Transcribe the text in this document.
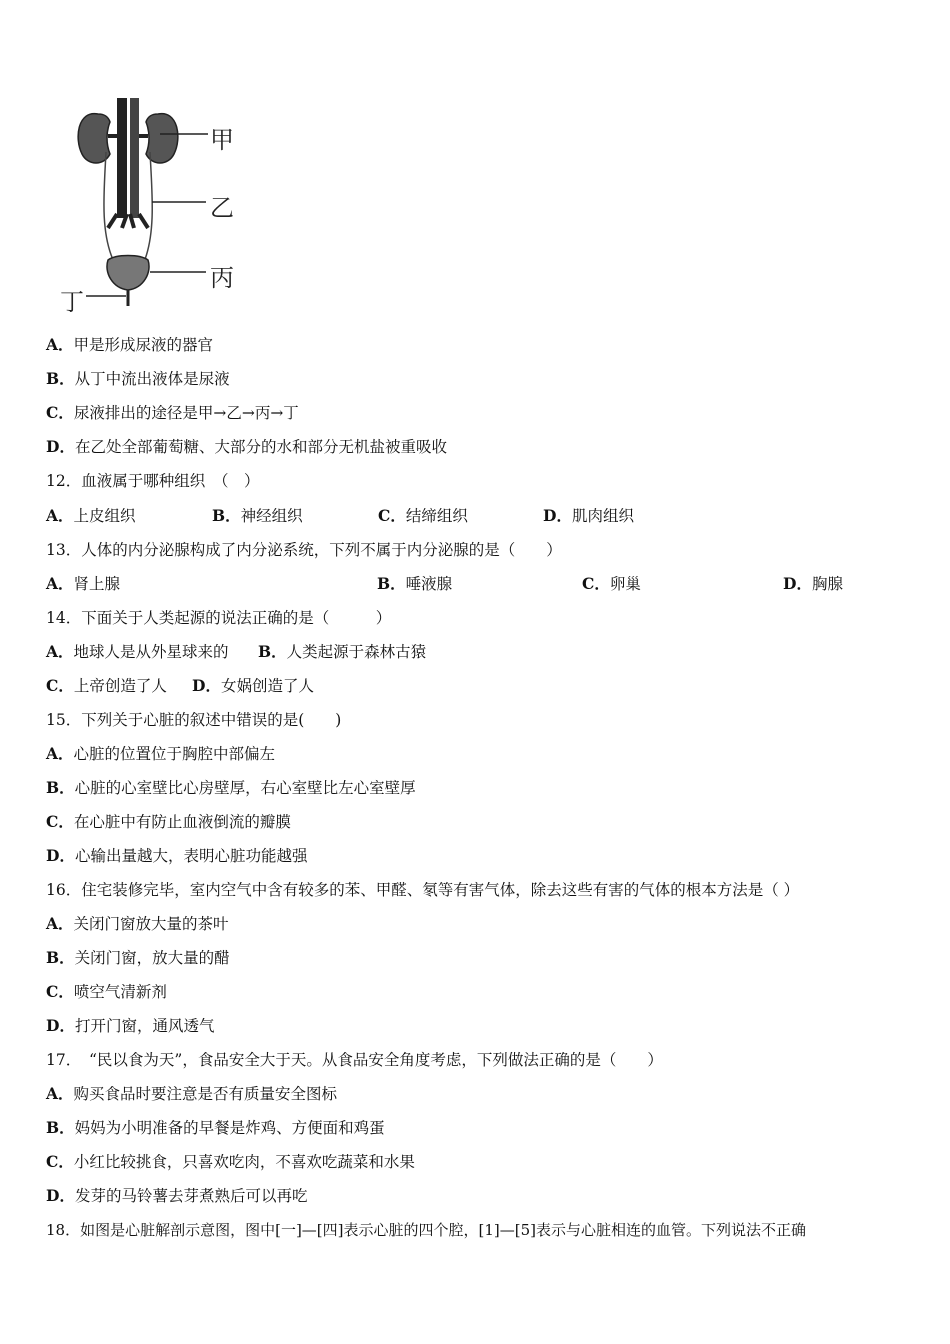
甲
乙
丙
丁
A．甲是形成尿液的器官
B．从丁中流出液体是尿液
C．尿液排出的途径是甲→乙→丙→丁
D．在乙处全部葡萄糖、大部分的水和部分无机盐被重吸收
12．血液属于哪种组织　（　）
A．上皮组织	B．神经组织	C．结缔组织	D．肌肉组织
13．人体的内分泌腺构成了内分泌系统，下列不属于内分泌腺的是（　　）
A．肾上腺	B．唾液腺	C．卵巢	D．胸腺
14．下面关于人类起源的说法正确的是（　　　）
A．地球人是从外星球来的 B．人类起源于森林古猿
C．上帝创造了人 D．女娲创造了人
15．下列关于心脏的叙述中错误的是(　　)
A．心脏的位置位于胸腔中部偏左
B．心脏的心室壁比心房壁厚，右心室壁比左心室壁厚
C．在心脏中有防止血液倒流的瓣膜
D．心输出量越大，表明心脏功能越强
16．住宅装修完毕，室内空气中含有较多的苯、甲醛、氡等有害气体，除去这些有害的气体的根本方法是（ ）
A．关闭门窗放大量的茶叶
B．关闭门窗，放大量的醋
C．喷空气清新剂
D．打开门窗，通风透气
17．　“民以食为天”，食品安全大于天。从食品安全角度考虑，下列做法正确的是（　　）
A．购买食品时要注意是否有质量安全图标
B．妈妈为小明准备的早餐是炸鸡、方便面和鸡蛋
C．小红比较挑食，只喜欢吃肉，不喜欢吃蔬菜和水果
D．发芽的马铃薯去芽煮熟后可以再吃
18．如图是心脏解剖示意图，图中[一]—[四]表示心脏的四个腔，[1]—[5]表示与心脏相连的血管。下列说法不正确
